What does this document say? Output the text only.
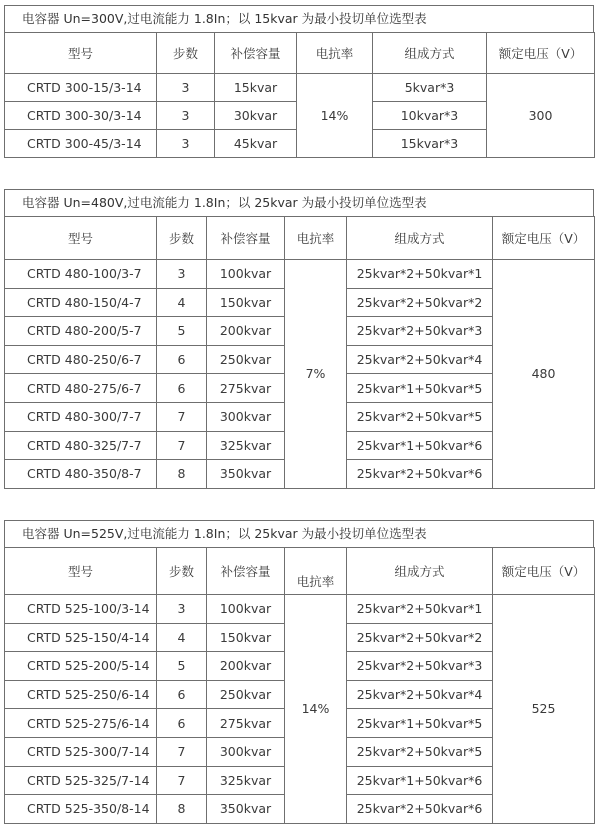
电容器 Un=300V,过电流能力 1.8In；以 15kvar 为最小投切单位选型表
型号	步数	补偿容量	电抗率	组成方式	额定电压（V）
CRTD 300-15/3-14	3	15kvar	14%	5kvar*3	300
CRTD 300-30/3-14	3	30kvar		10kvar*3	
CRTD 300-45/3-14	3	45kvar		15kvar*3	
电容器 Un=480V,过电流能力 1.8In；以 25kvar 为最小投切单位选型表
型号	步数	补偿容量	电抗率	组成方式	额定电压（V）
CRTD 480-100/3-7	3	100kvar	7%	25kvar*2+50kvar*1	480
CRTD 480-150/4-7	4	150kvar		25kvar*2+50kvar*2	
CRTD 480-200/5-7	5	200kvar		25kvar*2+50kvar*3	
CRTD 480-250/6-7	6	250kvar		25kvar*2+50kvar*4	
CRTD 480-275/6-7	6	275kvar		25kvar*1+50kvar*5	
CRTD 480-300/7-7	7	300kvar		25kvar*2+50kvar*5	
CRTD 480-325/7-7	7	325kvar		25kvar*1+50kvar*6	
CRTD 480-350/8-7	8	350kvar		25kvar*2+50kvar*6	
电容器 Un=525V,过电流能力 1.8In；以 25kvar 为最小投切单位选型表
型号	步数	补偿容量	电抗率	组成方式	额定电压（V）
CRTD 525-100/3-14	3	100kvar	14%	25kvar*2+50kvar*1	525
CRTD 525-150/4-14	4	150kvar		25kvar*2+50kvar*2	
CRTD 525-200/5-14	5	200kvar		25kvar*2+50kvar*3	
CRTD 525-250/6-14	6	250kvar		25kvar*2+50kvar*4	
CRTD 525-275/6-14	6	275kvar		25kvar*1+50kvar*5	
CRTD 525-300/7-14	7	300kvar		25kvar*2+50kvar*5	
CRTD 525-325/7-14	7	325kvar		25kvar*1+50kvar*6	
CRTD 525-350/8-14	8	350kvar		25kvar*2+50kvar*6	
